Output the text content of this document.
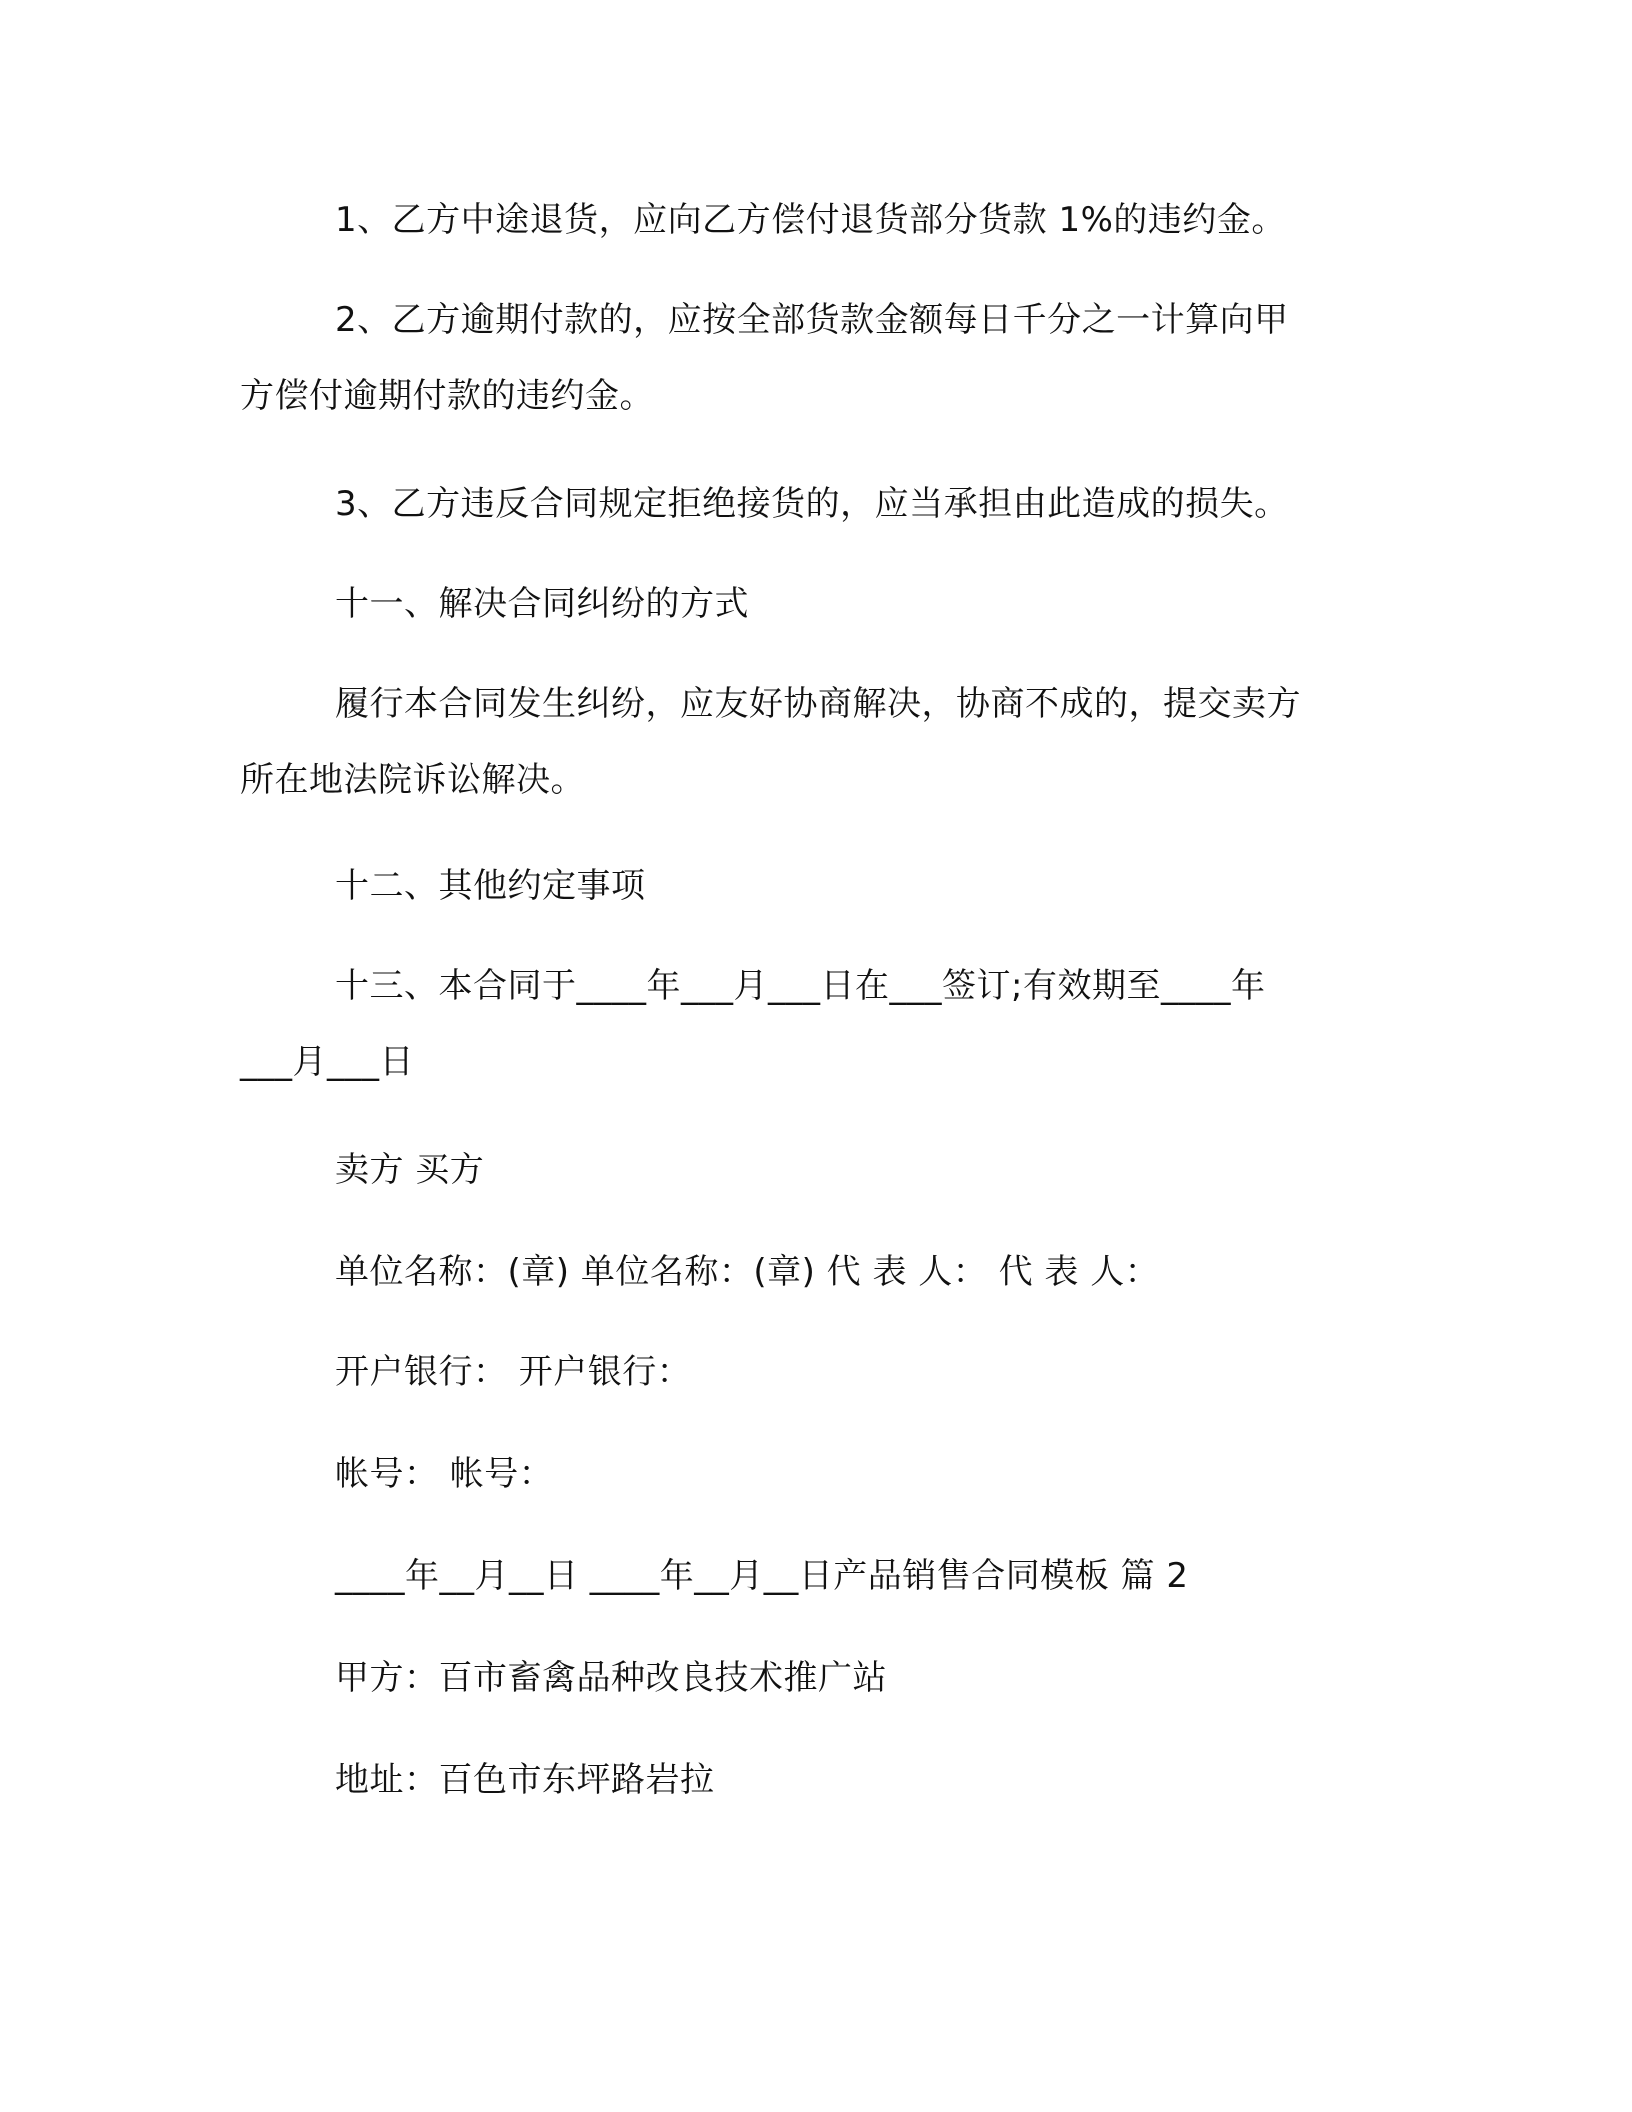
1、乙方中途退货，应向乙方偿付退货部分货款 1%的违约金。
2、乙方逾期付款的，应按全部货款金额每日千分之一计算向甲
方偿付逾期付款的违约金。
3、乙方违反合同规定拒绝接货的，应当承担由此造成的损失。
十一、解决合同纠纷的方式
履行本合同发生纠纷，应友好协商解决，协商不成的，提交卖方
所在地法院诉讼解决。
十二、其他约定事项
十三、本合同于____年___月___日在___签订;有效期至____年
___月___日
卖方 买方
单位名称：(章) 单位名称：(章) 代 表 人： 代 表 人：
开户银行： 开户银行：
帐号： 帐号：
____年__月__日 ____年__月__日产品销售合同模板 篇 2
甲方：百市畜禽品种改良技术推广站
地址：百色市东坪路岩拉
